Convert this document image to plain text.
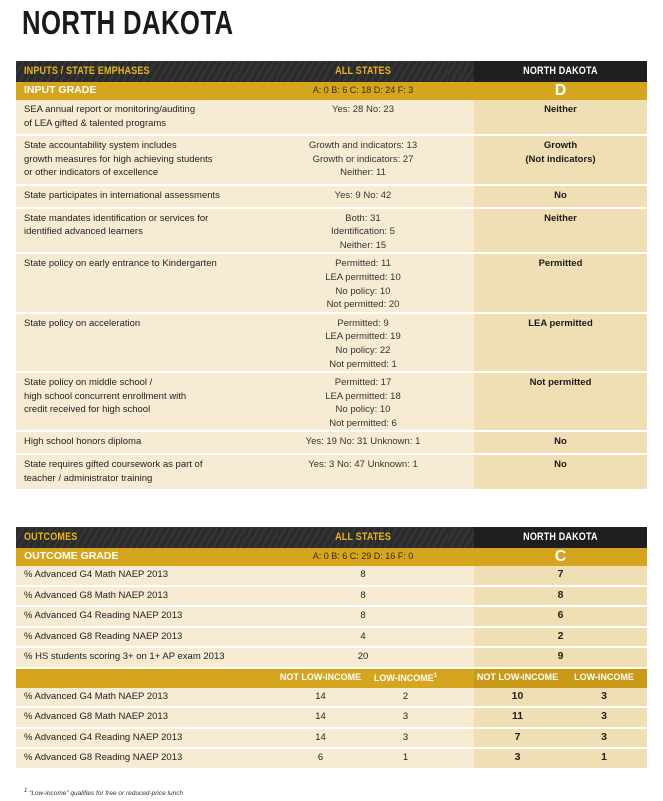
NORTH DAKOTA
INPUTS / STATE EMPHASES	ALL STATES		NORTH DAKOTA
INPUT GRADE	A: 0 B: 6 C: 18 D: 24 F: 3		D
SEA annual report or monitoring/auditing
of LEA gifted & talented programs	Yes: 28 No: 23		Neither
State accountability system includes
growth measures for high achieving students
or other indicators of excellence	Growth and indicators: 13
Growth or indicators: 27
Neither: 11		Growth
(Not indicators)
State participates in international assessments	Yes: 9 No: 42		No
State mandates identification or services for
identified advanced learners	Both: 31
Identification: 5
Neither: 15		Neither
State policy on early entrance to Kindergarten	Permitted: 11
LEA permitted: 10
No policy: 10
Not permitted: 20		Permitted
State policy on acceleration	Permitted: 9
LEA permitted: 19
No policy: 22
Not permitted: 1		LEA permitted
State policy on middle school /
high school concurrent enrollment with
credit received for high school	Permitted: 17
LEA permitted: 18
No policy: 10
Not permitted: 6		Not permitted
High school honors diploma	Yes: 19 No: 31 Unknown: 1		No
State requires gifted coursework as part of
teacher / administrator training	Yes: 3 No: 47 Unknown: 1		No
OUTCOMES	ALL STATES			NORTH DAKOTA	
OUTCOME GRADE	A: 0 B: 6 C: 29 D: 16 F: 0			C	
% Advanced G4 Math NAEP 2013	8			7	
% Advanced G8 Math NAEP 2013	8			8	
% Advanced G4 Reading NAEP 2013	8			6	
% Advanced G8 Reading NAEP 2013	4			2	
% HS students scoring 3+ on 1+ AP exam 2013	20			9	
	NOT LOW-INCOME	LOW-INCOME$^1$		NOT LOW-INCOME	LOW-INCOME
% Advanced G4 Math NAEP 2013	14	2		10	3
% Advanced G8 Math NAEP 2013	14	3		11	3
% Advanced G4 Reading NAEP 2013	14	3		7	3
% Advanced G8 Reading NAEP 2013	6	1		3	1
$^1$ “Low-income” qualifies for free or reduced-price lunch
